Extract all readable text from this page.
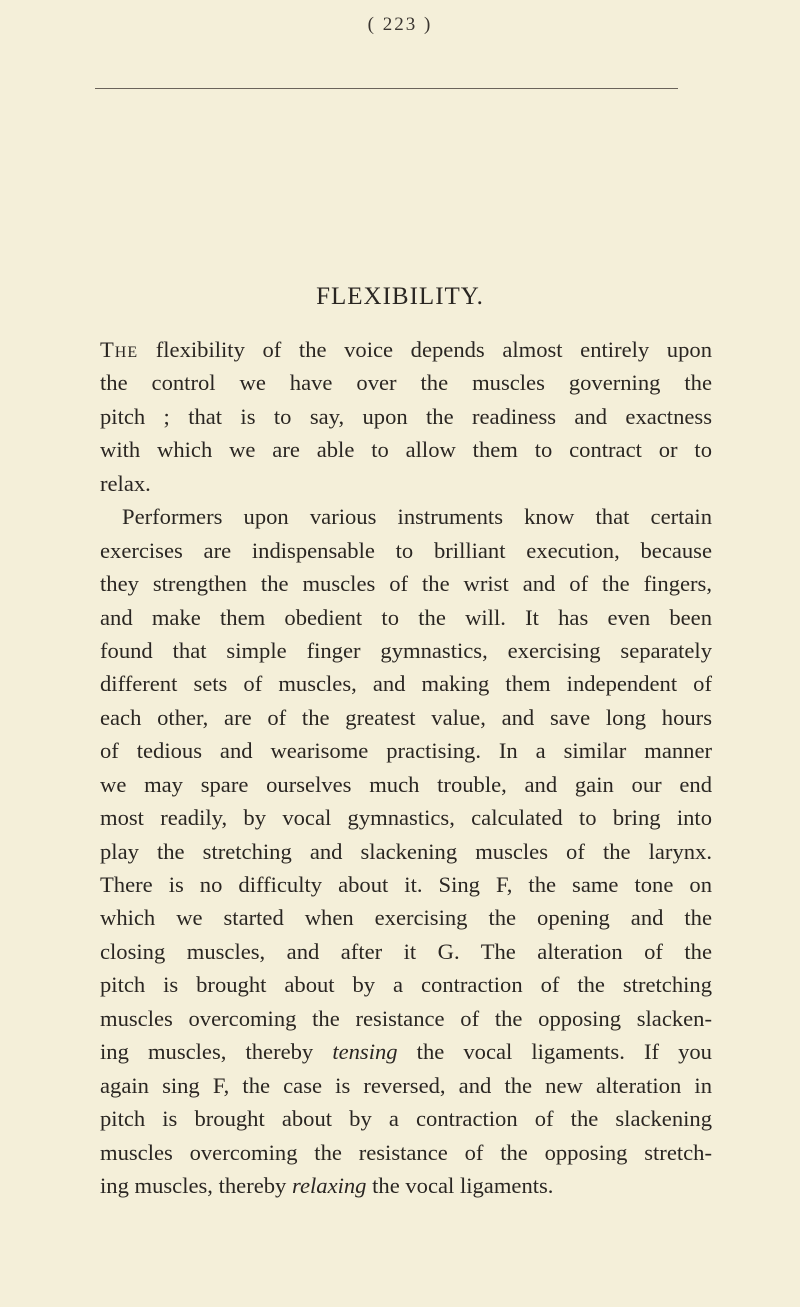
( 223 )
FLEXIBILITY.
The flexibility of the voice depends almost entirely upon
the control we have over the muscles governing the
pitch ; that is to say, upon the readiness and exactness
with which we are able to allow them to contract or to
relax.
Performers upon various instruments know that certain
exercises are indispensable to brilliant execution, because
they strengthen the muscles of the wrist and of the fingers,
and make them obedient to the will. It has even been
found that simple finger gymnastics, exercising separately
different sets of muscles, and making them independent of
each other, are of the greatest value, and save long hours
of tedious and wearisome practising. In a similar manner
we may spare ourselves much trouble, and gain our end
most readily, by vocal gymnastics, calculated to bring into
play the stretching and slackening muscles of the larynx.
There is no difficulty about it. Sing F, the same tone on
which we started when exercising the opening and the
closing muscles, and after it G. The alteration of the
pitch is brought about by a contraction of the stretching
muscles overcoming the resistance of the opposing slacken-
ing muscles, thereby tensing the vocal ligaments. If you
again sing F, the case is reversed, and the new alteration in
pitch is brought about by a contraction of the slackening
muscles overcoming the resistance of the opposing stretch-
ing muscles, thereby relaxing the vocal ligaments.
